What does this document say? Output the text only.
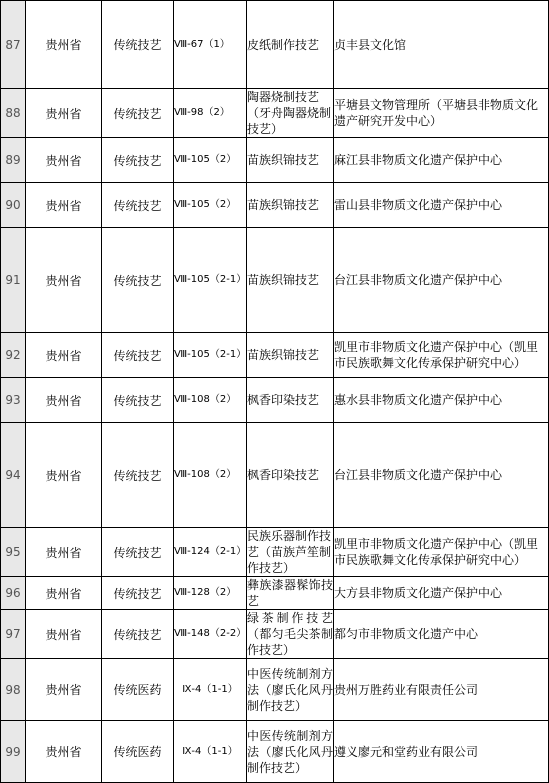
87	贵州省	传统技艺	Ⅷ-67（1）	皮纸制作技艺	贞丰县文化馆
88	贵州省	传统技艺	Ⅷ-98（2）	陶器烧制技艺（牙舟陶器烧制技艺）	平塘县文物管理所（平塘县非物质文化遗产研究开发中心）
89	贵州省	传统技艺	Ⅷ-105（2）	苗族织锦技艺	麻江县非物质文化遗产保护中心
90	贵州省	传统技艺	Ⅷ-105（2）	苗族织锦技艺	雷山县非物质文化遗产保护中心
91	贵州省	传统技艺	Ⅷ-105（2-1）	苗族织锦技艺	台江县非物质文化遗产保护中心
92	贵州省	传统技艺	Ⅷ-105（2-1）	苗族织锦技艺	凯里市非物质文化遗产保护中心（凯里市民族歌舞文化传承保护研究中心）
93	贵州省	传统技艺	Ⅷ-108（2）	枫香印染技艺	惠水县非物质文化遗产保护中心
94	贵州省	传统技艺	Ⅷ-108（2）	枫香印染技艺	台江县非物质文化遗产保护中心
95	贵州省	传统技艺	Ⅷ-124（2-1）	民族乐器制作技艺（苗族芦笙制作技艺）	凯里市非物质文化遗产保护中心（凯里市民族歌舞文化传承保护研究中心）
96	贵州省	传统技艺	Ⅷ-128（2）	彝族漆器髹饰技艺	大方县非物质文化遗产保护中心
97	贵州省	传统技艺	Ⅷ-148（2-2）	绿茶制作技艺（都匀毛尖茶制作技艺）	都匀市非物质文化遗产中心
98	贵州省	传统医药	Ⅸ-4（1-1）	中医传统制剂方法（廖氏化风丹制作技艺）	贵州万胜药业有限责任公司
99	贵州省	传统医药	Ⅸ-4（1-1）	中医传统制剂方法（廖氏化风丹制作技艺）	遵义廖元和堂药业有限公司
